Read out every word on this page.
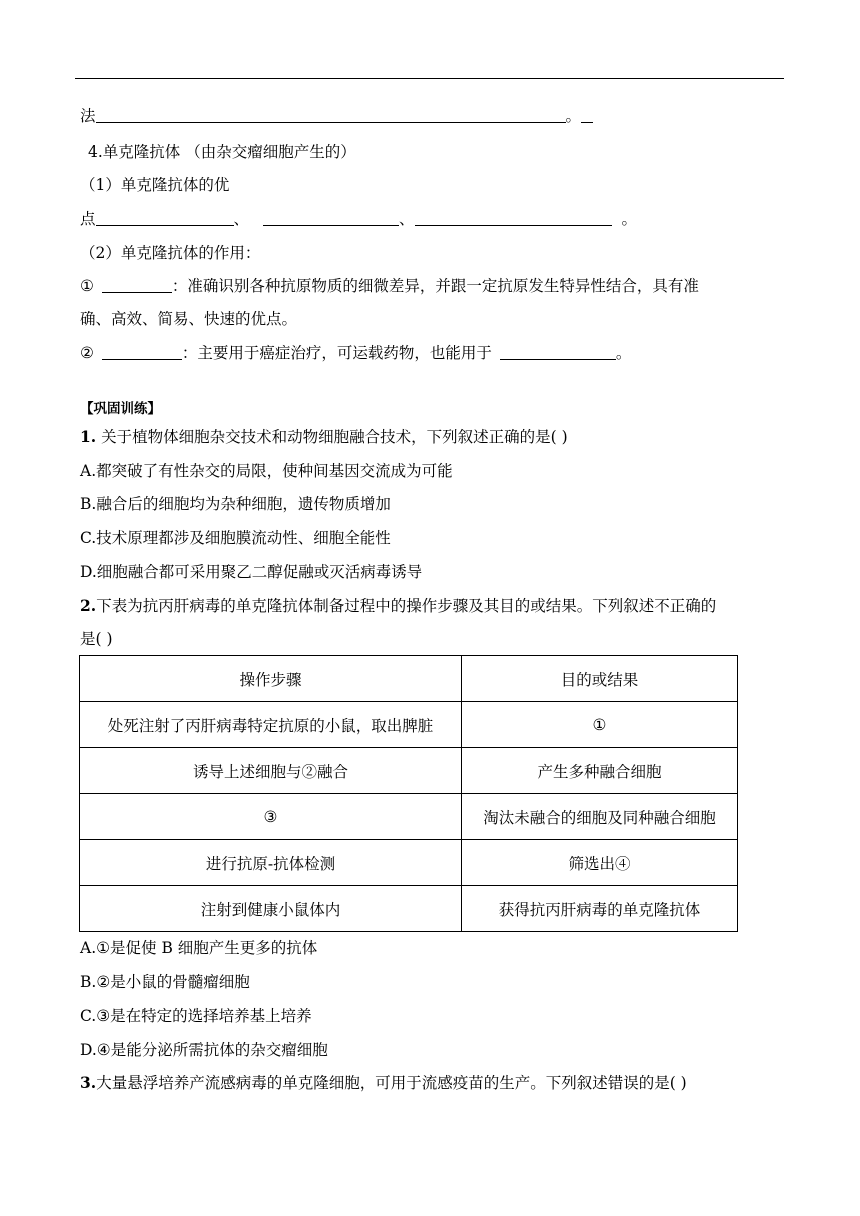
法	。
4.单克隆抗体 （由杂交瘤细胞产生的）
（1）单克隆抗体的优
点	、	、	。
（2）单克隆抗体的作用：
①	：准确识别各种抗原物质的细微差异，并跟一定抗原发生特异性结合，具有准
确、高效、简易、快速的优点。
②	：主要用于癌症治疗，可运载药物，也能用于	。
【巩固训练】
1. 关于植物体细胞杂交技术和动物细胞融合技术，下列叙述正确的是( )
A.都突破了有性杂交的局限，使种间基因交流成为可能
B.融合后的细胞均为杂种细胞，遗传物质增加
C.技术原理都涉及细胞膜流动性、细胞全能性
D.细胞融合都可采用聚乙二醇促融或灭活病毒诱导
2.下表为抗丙肝病毒的单克隆抗体制备过程中的操作步骤及其目的或结果。下列叙述不正确的
是( )
操作步骤	目的或结果
处死注射了丙肝病毒特定抗原的小鼠，取出脾脏	①
诱导上述细胞与②融合	产生多种融合细胞
③	淘汰未融合的细胞及同种融合细胞
进行抗原-抗体检测	筛选出④
注射到健康小鼠体内	获得抗丙肝病毒的单克隆抗体
A.①是促使 B 细胞产生更多的抗体
B.②是小鼠的骨髓瘤细胞
C.③是在特定的选择培养基上培养
D.④是能分泌所需抗体的杂交瘤细胞
3.大量悬浮培养产流感病毒的单克隆细胞，可用于流感疫苗的生产。下列叙述错误的是( )
